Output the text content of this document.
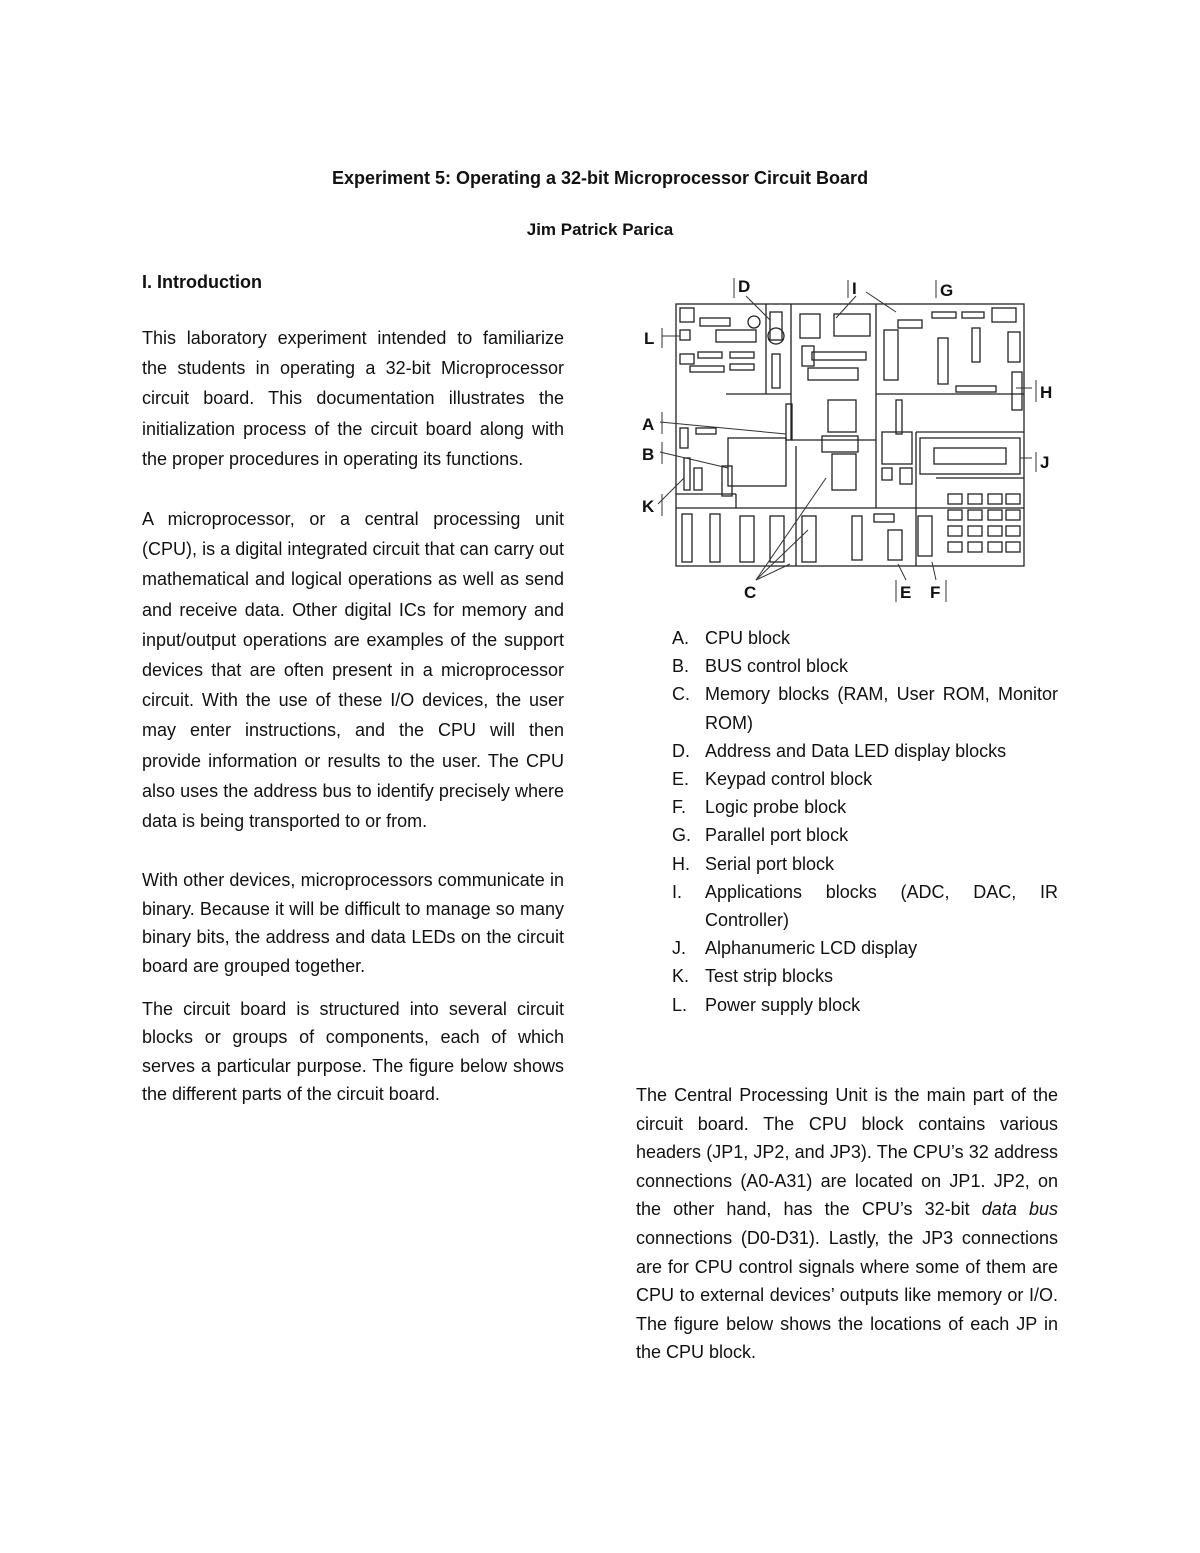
Experiment 5: Operating a 32-bit Microprocessor Circuit Board
Jim Patrick Parica
I. Introduction

This laboratory experiment intended to familiarize the students in operating a 32-bit Microprocessor circuit board. This documentation illustrates the initialization process of the circuit board along with the proper procedures in operating its functions.

A microprocessor, or a central processing unit (CPU), is a digital integrated circuit that can carry out mathematical and logical operations as well as send and receive data. Other digital ICs for memory and input/output operations are examples of the support devices that are often present in a microprocessor circuit. With the use of these I/O devices, the user may enter instructions, and the CPU will then provide information or results to the user. The CPU also uses the address bus to identify precisely where data is being transported to or from.

With other devices, microprocessors communicate in binary. Because it will be difficult to manage so many binary bits, the address and data LEDs on the circuit board are grouped together.

The circuit board is structured into several circuit blocks or groups of components, each of which serves a particular purpose. The figure below shows the different parts of the circuit board.

D	I	G
L
H
A
B	J
K
C	E F
A. CPU block
B. BUS control block
C. Memory blocks (RAM, User ROM, Monitor ROM)
D. Address and Data LED display blocks
E. Keypad control block
F. Logic probe block
G. Parallel port block
H. Serial port block
I. Applications blocks (ADC, DAC, IR Controller)
J. Alphanumeric LCD display
K. Test strip blocks
L. Power supply block

The Central Processing Unit is the main part of the circuit board. The CPU block contains various headers (JP1, JP2, and JP3). The CPU’s 32 address connections (A0-A31) are located on JP1. JP2, on the other hand, has the CPU’s 32-bit data bus connections (D0-D31). Lastly, the JP3 connections are for CPU control signals where some of them are CPU to external devices’ outputs like memory or I/O. The figure below shows the locations of each JP in the CPU block.
